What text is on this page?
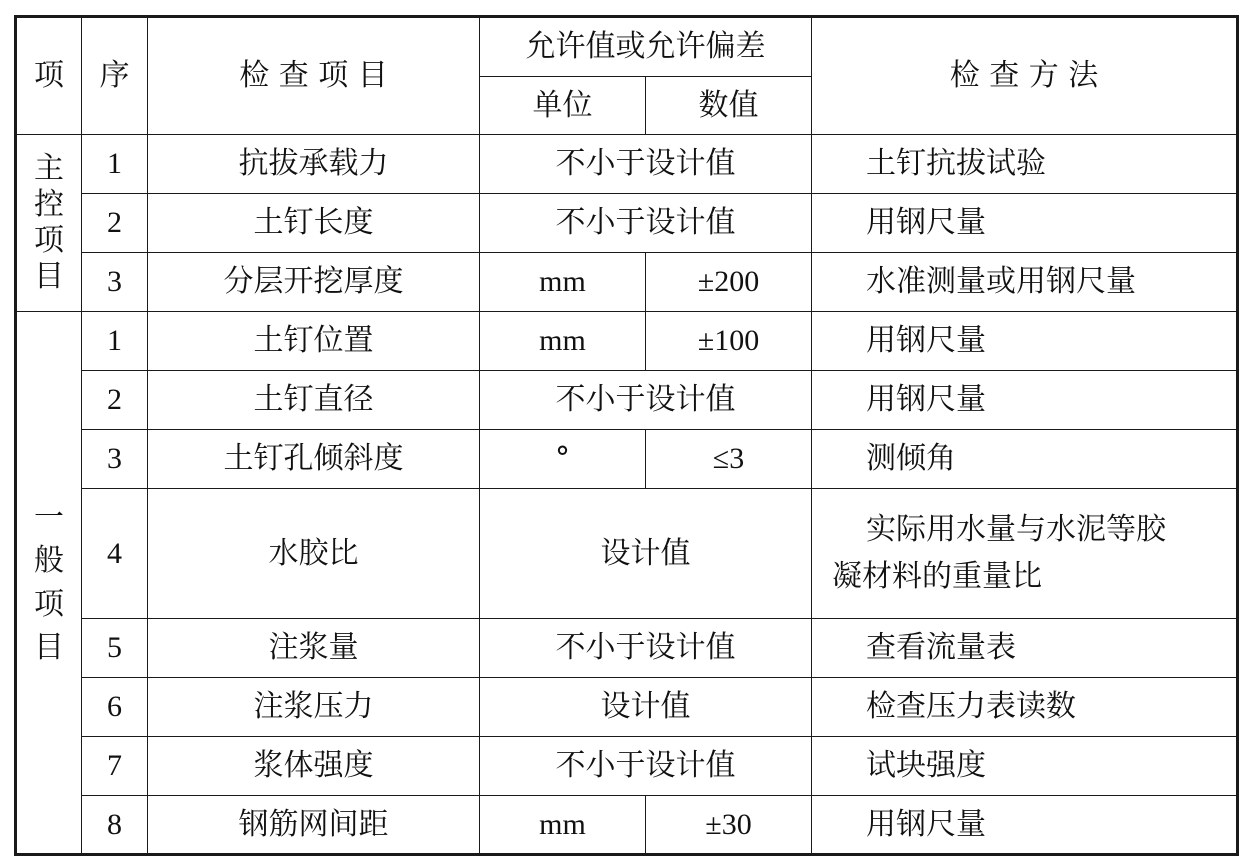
项	序	检 查 项 目	允许值或允许偏差		检 查 方 法
			单位	数值	

主控项目	1	抗拔承载力	不小于设计值		土钉抗拔试验
	2	土钉长度	不小于设计值		用钢尺量
	3	分层开挖厚度	mm	±200	水准测量或用钢尺量

一般项目	1	土钉位置	mm	±100	用钢尺量
	2	土钉直径	不小于设计值		用钢尺量
	3	土钉孔倾斜度	°	≤3	测倾角
	4	水胶比	设计值		实际用水量与水泥等胶
凝材料的重量比

	5	注浆量	不小于设计值		查看流量表
	6	注浆压力	设计值		检查压力表读数
	7	浆体强度	不小于设计值		试块强度
	8	钢筋网间距	mm	±30	用钢尺量
